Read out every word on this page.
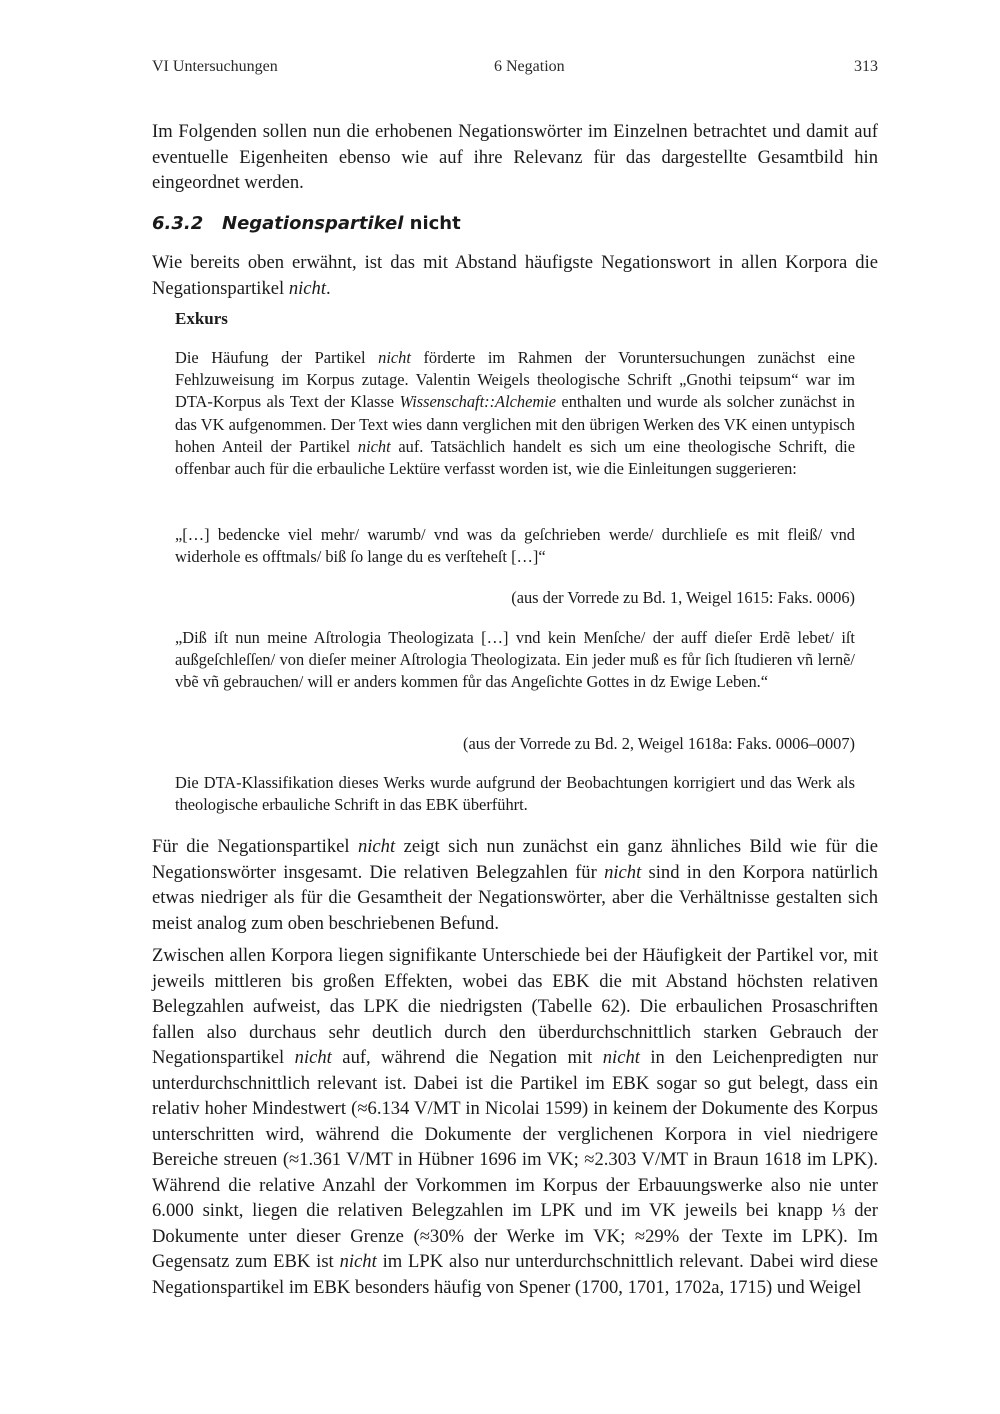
VI Untersuchungen	6 Negation	313

Im Folgenden sollen nun die erhobenen Negationswörter im Einzelnen betrachtet und damit auf eventuelle Eigenheiten ebenso wie auf ihre Relevanz für das dargestellte Gesamtbild hin eingeordnet werden.

6.3.2 Negationspartikel nicht

Wie bereits oben erwähnt, ist das mit Abstand häufigste Negationswort in allen Korpora die Negationspartikel nicht.

Exkurs

Die Häufung der Partikel nicht förderte im Rahmen der Voruntersuchungen zunächst eine Fehlzuweisung im Korpus zutage. Valentin Weigels theologische Schrift „Gnothi teipsum“ war im DTA-Korpus als Text der Klasse Wissenschaft::Alchemie enthalten und wurde als solcher zunächst in das VK aufgenommen. Der Text wies dann verglichen mit den übrigen Werken des VK einen untypisch hohen Anteil der Partikel nicht auf. Tatsächlich handelt es sich um eine theologische Schrift, die offenbar auch für die erbauliche Lektüre verfasst worden ist, wie die Einleitungen suggerieren:

„[…] bedencke viel mehr/ warumb/ vnd was da geſchrieben werde/ durchlieſe es mit fleiß/ vnd widerhole es offtmals/ biß ſo lange du es verſteheſt […]“
(aus der Vorrede zu Bd. 1, Weigel 1615: Faks. 0006)
„Diß iſt nun meine Aſtrologia Theologizata […] vnd kein Menſche/ der auff dieſer Erdẽ lebet/ iſt außgeſchleſſen/ von dieſer meiner Aſtrologia Theologizata. Ein jeder muß es fůr ſich ſtudieren vñ lernẽ/ vbẽ vñ gebrauchen/ will er anders kommen fůr das Angeſichte Gottes in dz Ewige Leben.“
(aus der Vorrede zu Bd. 2, Weigel 1618a: Faks. 0006–0007)
Die DTA-Klassifikation dieses Werks wurde aufgrund der Beobachtungen korrigiert und das Werk als theologische erbauliche Schrift in das EBK überführt.

Für die Negationspartikel nicht zeigt sich nun zunächst ein ganz ähnliches Bild wie für die Negationswörter insgesamt. Die relativen Belegzahlen für nicht sind in den Korpora natürlich etwas niedriger als für die Gesamtheit der Negationswörter, aber die Verhältnisse gestalten sich meist analog zum oben beschriebenen Befund.

Zwischen allen Korpora liegen signifikante Unterschiede bei der Häufigkeit der Partikel vor, mit jeweils mittleren bis großen Effekten, wobei das EBK die mit Abstand höchsten relativen Belegzahlen aufweist, das LPK die niedrigsten (Tabelle 62). Die erbaulichen Prosaschriften fallen also durchaus sehr deutlich durch den überdurchschnittlich starken Gebrauch der Negationspartikel nicht auf, während die Negation mit nicht in den Leichenpredigten nur unterdurchschnittlich relevant ist. Dabei ist die Partikel im EBK sogar so gut belegt, dass ein relativ hoher Mindestwert (≈6.134 V/MT in Nicolai 1599) in keinem der Dokumente des Korpus unterschritten wird, während die Dokumente der verglichenen Korpora in viel niedrigere Bereiche streuen (≈1.361 V/MT in Hübner 1696 im VK; ≈2.303 V/MT in Braun 1618 im LPK). Während die relative Anzahl der Vorkommen im Korpus der Erbauungswerke also nie unter 6.000 sinkt, liegen die relativen Belegzahlen im LPK und im VK jeweils bei knapp ⅓ der Dokumente unter dieser Grenze (≈30% der Werke im VK; ≈29% der Texte im LPK). Im Gegensatz zum EBK ist nicht im LPK also nur unterdurchschnittlich relevant. Dabei wird diese Negationspartikel im EBK besonders häufig von Spener (1700, 1701, 1702a, 1715) und Weigel
